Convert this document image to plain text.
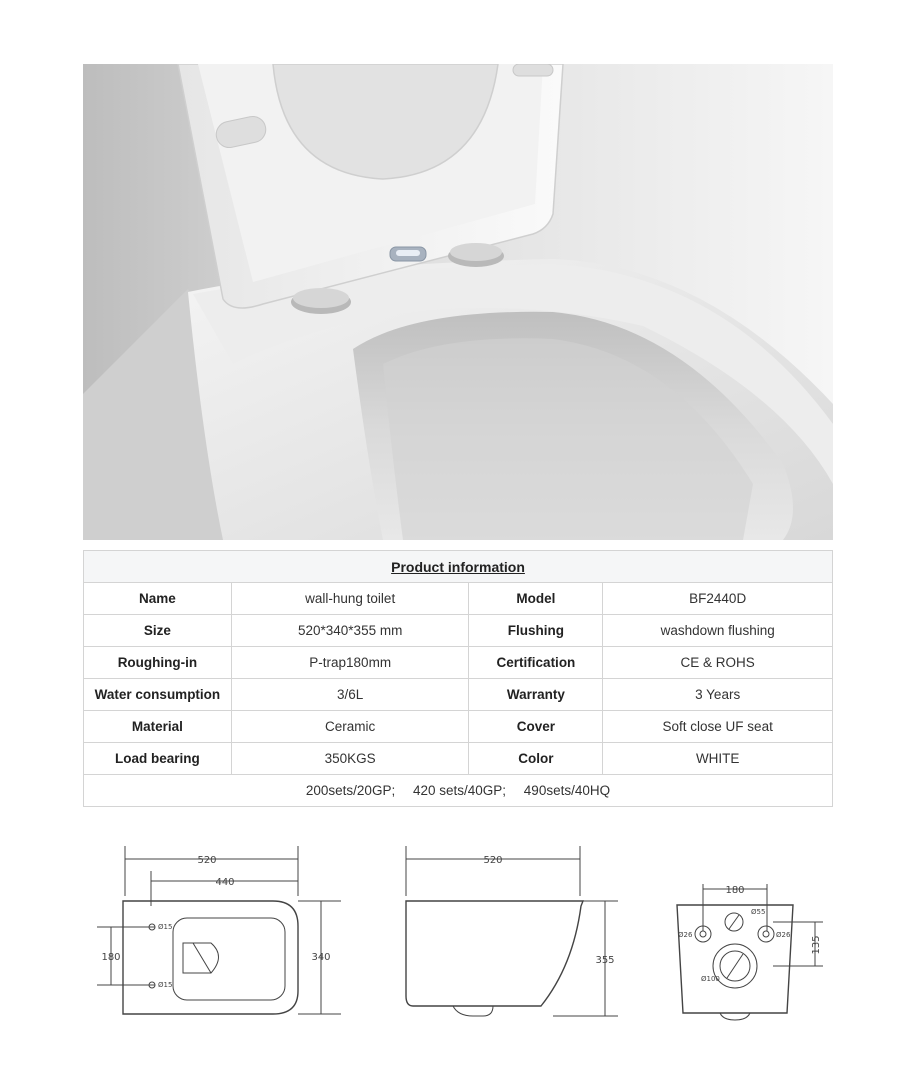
Product information			
Name	wall-hung toilet	Model	BF2440D
Size	520*340*355 mm	Flushing	washdown flushing
Roughing-in	P-trap180mm	Certification	CE & ROHS
Water consumption	3/6L	Warranty	3 Years
Material	Ceramic	Cover	Soft close UF seat
Load bearing	350KGS	Color	WHITE
200sets/20GP; 420 sets/40GP; 490sets/40HQ			
520
440
180	340
Ø15
Ø15
520
355
180
Ø55
Ø26	Ø26
Ø100
135
